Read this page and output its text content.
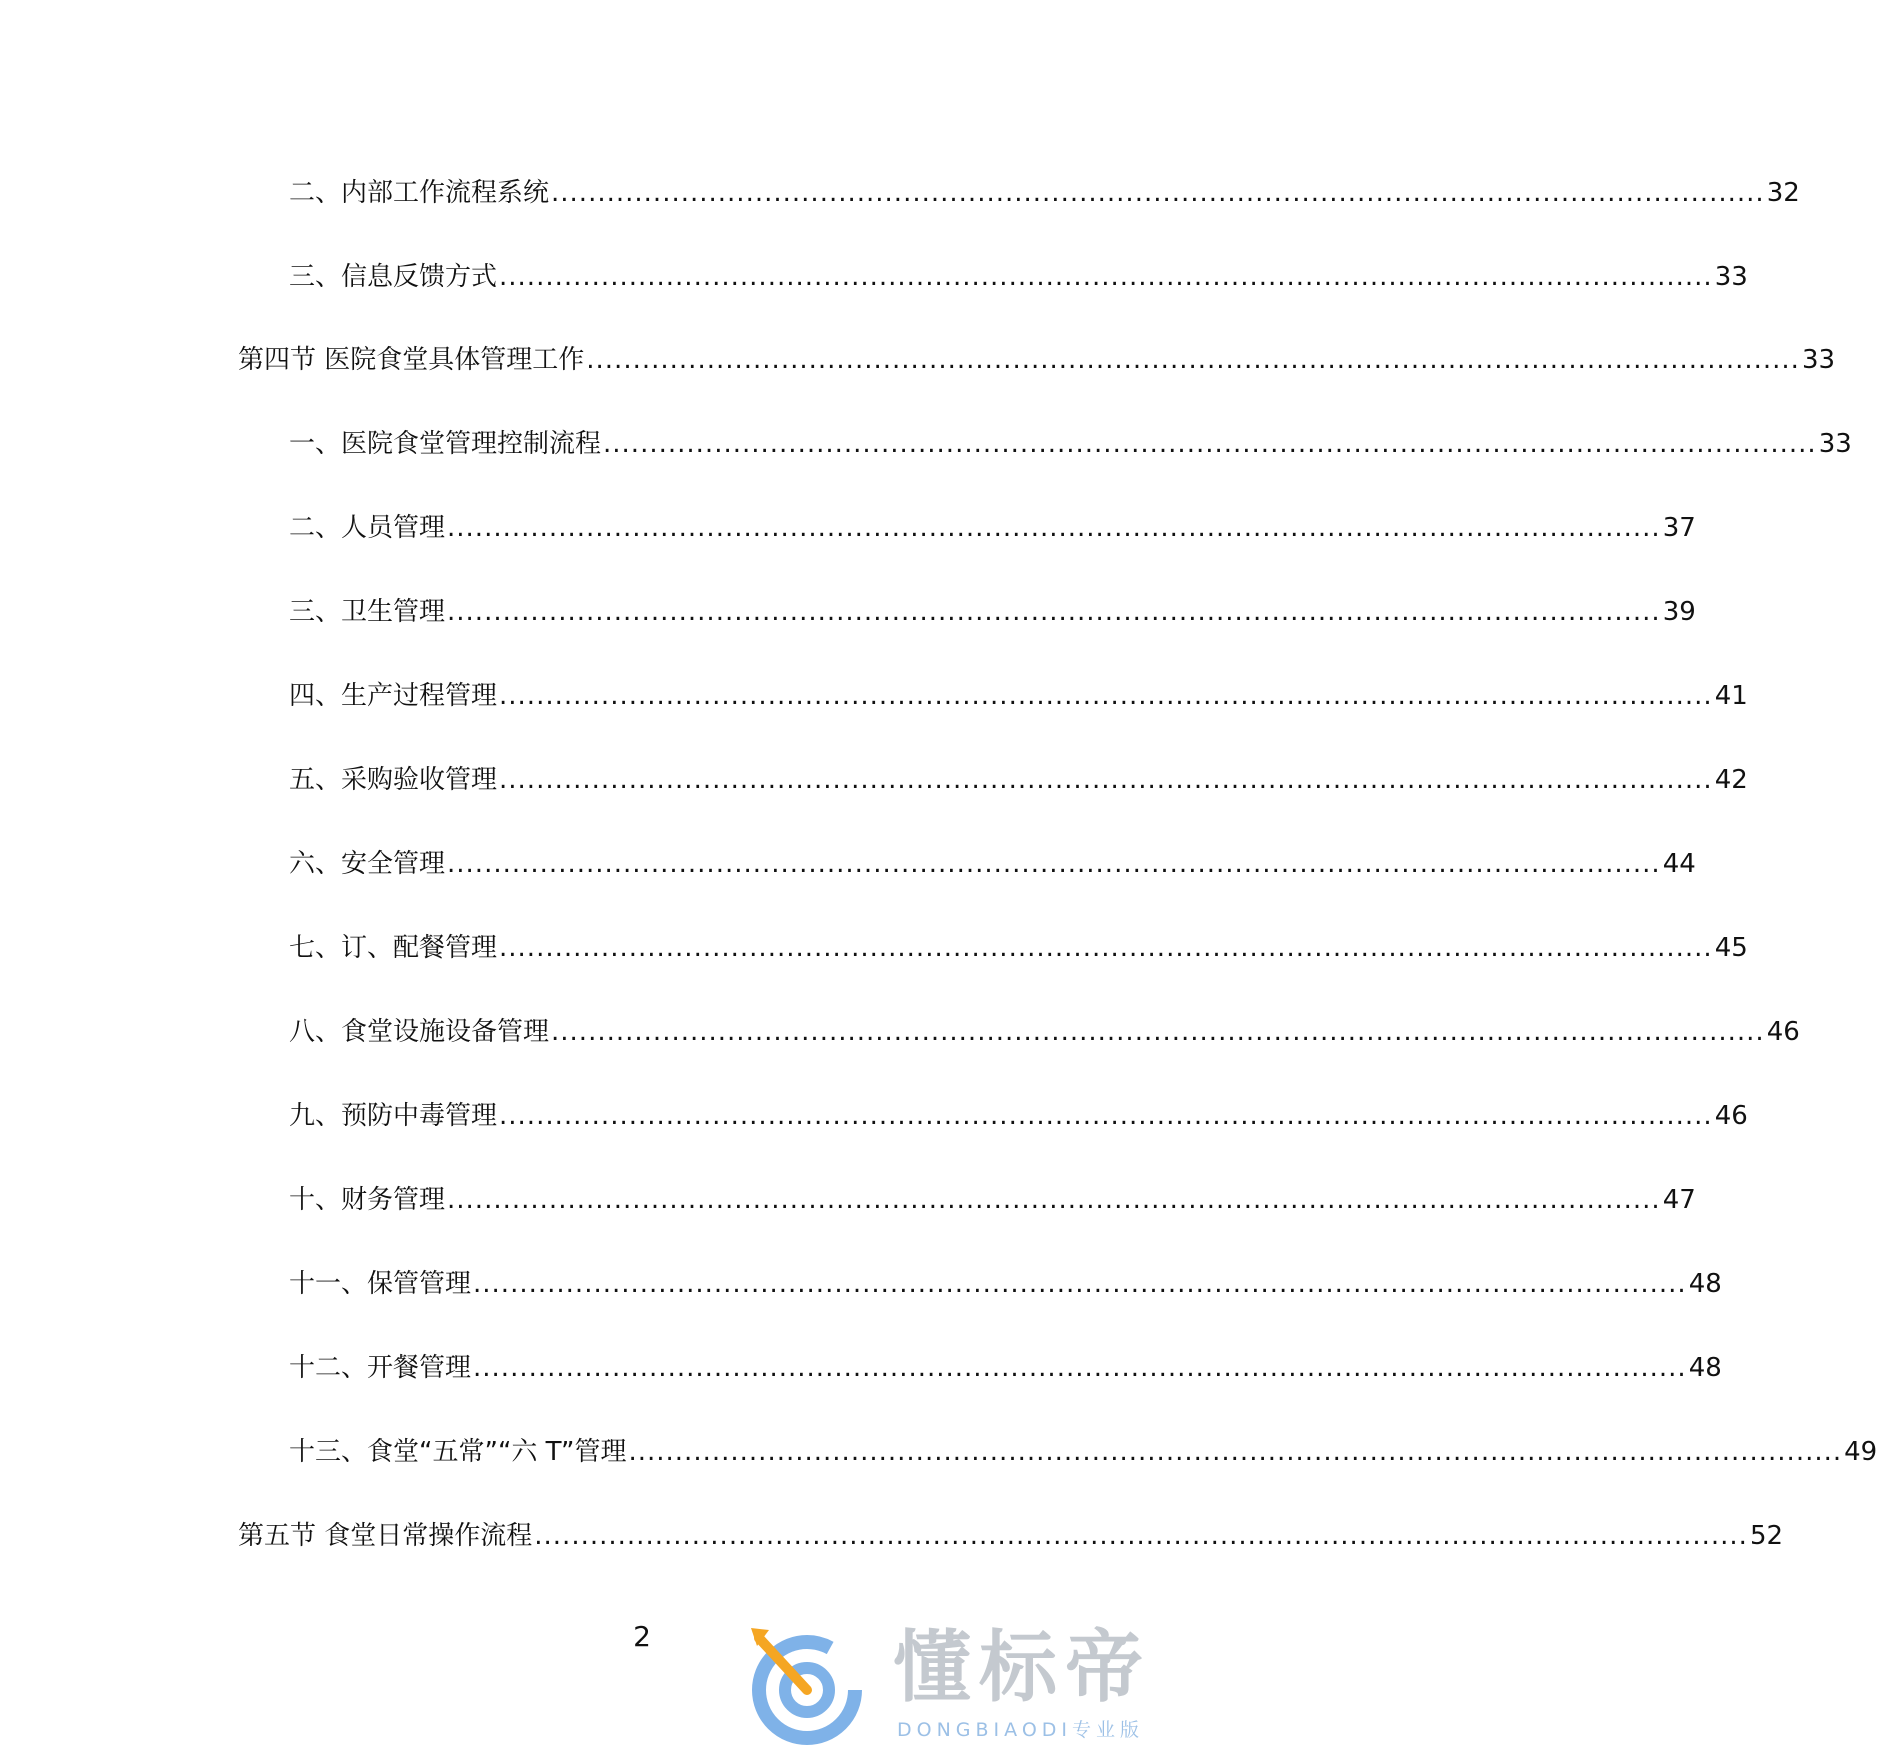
二、内部工作流程系统 ................................................................................................................................... 32
三、信息反馈方式 ................................................................................................................................... 33
第四节 医院食堂具体管理工作 ................................................................................................................................... 33
一、医院食堂管理控制流程 ................................................................................................................................... 33
二、人员管理 ................................................................................................................................... 37
三、卫生管理 ................................................................................................................................... 39
四、生产过程管理 ................................................................................................................................... 41
五、采购验收管理 ................................................................................................................................... 42
六、安全管理 ................................................................................................................................... 44
七、订、配餐管理 ................................................................................................................................... 45
八、食堂设施设备管理 ................................................................................................................................... 46
九、预防中毒管理 ................................................................................................................................... 46
十、财务管理 ................................................................................................................................... 47
十一、保管管理 ................................................................................................................................... 48
十二、开餐管理 ................................................................................................................................... 48
十三、食堂“五常”“六 T”管理 ................................................................................................................................... 49
第五节 食堂日常操作流程 ................................................................................................................................... 52
2	懂标帝
DONGBIAODI专业版
